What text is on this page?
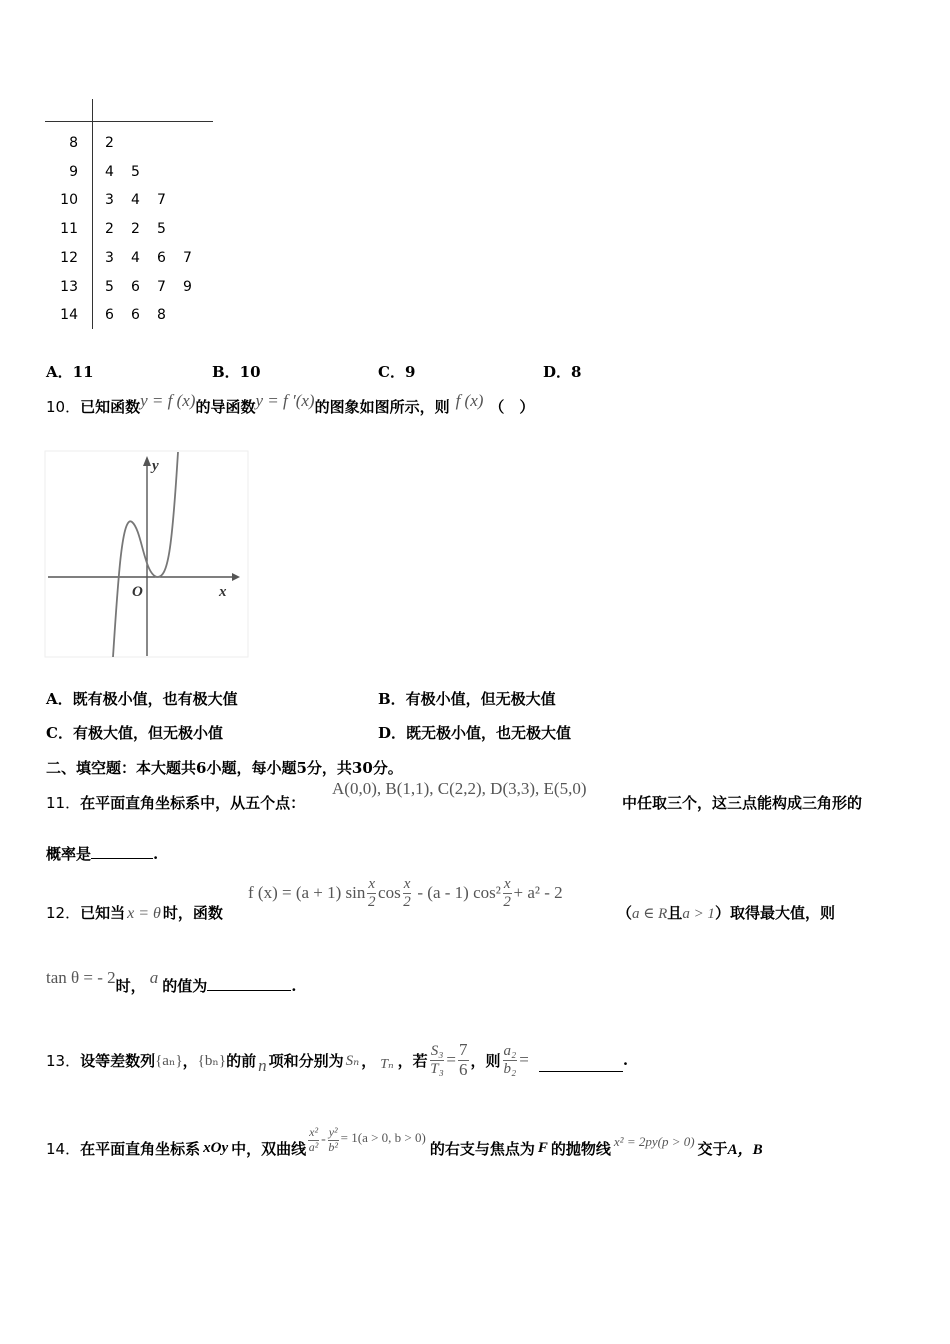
8 2
9 4 5
10 3 4 7
11 2 2 5
12 3 4 6 7
13 5 6 7 9
14 6 6 8
A．11	B．10	C．9	D．8
10．已知函数y = f (x)的导函数y = f ′(x)的图象如图所示，则 f (x) （　）
y
x
O
A．既有极小值，也有极大值	B．有极小值，但无极大值
C．有极大值，但无极小值	D．既无极小值，也无极大值
二、填空题：本大题共6小题，每小题5分，共30分。
11．在平面直角坐标系中，从五个点：
A(0,0), B(1,1), C(2,2), D(3,3), E(5,0)
中任取三个，这三点能构成三角形的
概率是	.
12．已知当 x = θ 时，函数
f (x) = (a + 1) $\sin \frac{x}{2}$ $\cos \frac{x}{2} - (a - 1)$ $\cos^2 \frac{x}{2} + a^2 - 2$
（a ∈ R且a > 1）取得最大值，则
tan θ = - 2时， a 的值为	.
13． 设等差数列 {aₙ} ， {bₙ} 的前 n 项和分别为 Sₙ ， Tₙ ，若 $\frac{\text{S₃}}{\text{T₃}} = \frac{7}{6}$ ，则 $\frac{\text{a₂}}{\text{b₂}}$ =	.
14． 在平面直角坐标系 xOy 中，双曲线 $\frac{\text{x²}}{\text{a²}} - \frac{\text{y²}}{\text{b²}} = 1(a > 0$, b > 0)
的右支与焦点为 F 的抛物线 x² = 2py(p > 0) 交于 A，B
